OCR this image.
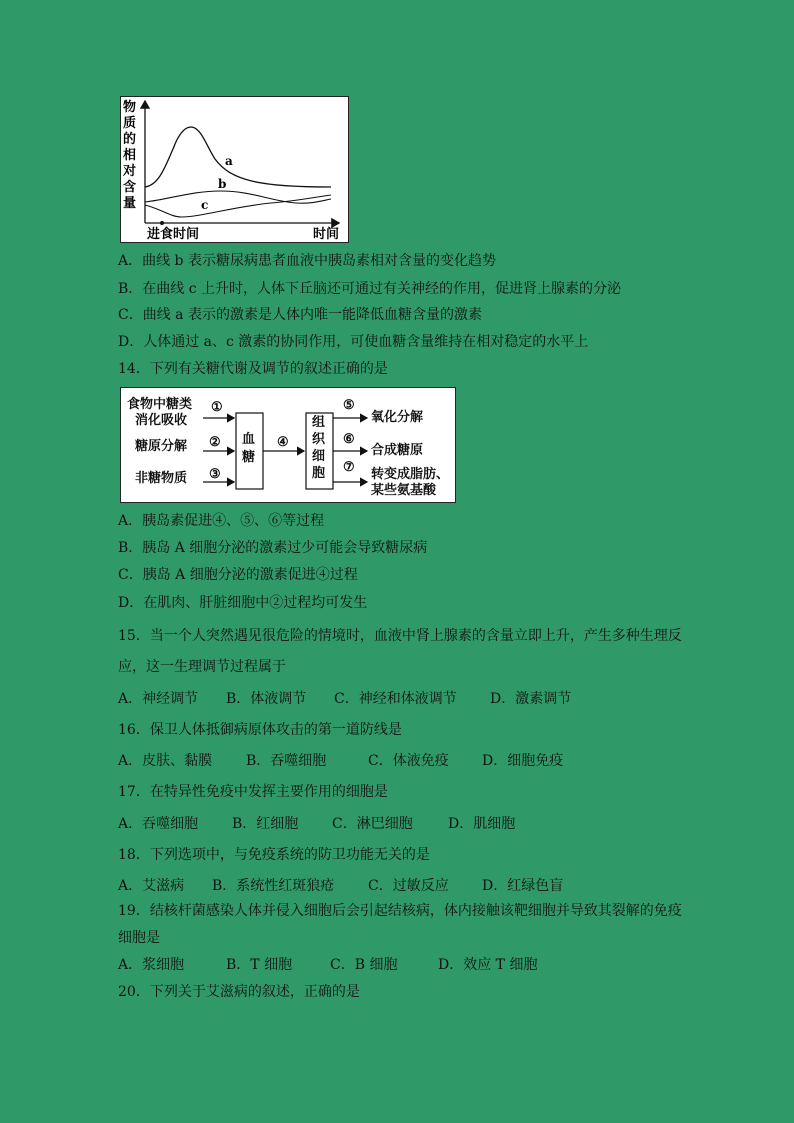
物
质
的
相
对
含
量
a
b
c
进食时间	时间
A．曲线 b 表示糖尿病患者血液中胰岛素相对含量的变化趋势
B．在曲线 c 上升时，人体下丘脑还可通过有关神经的作用，促进肾上腺素的分泌
C．曲线 a 表示的激素是人体内唯一能降低血糖含量的激素
D．人体通过 a、c 激素的协同作用，可使血糖含量维持在相对稳定的水平上
14．下列有关糖代谢及调节的叙述正确的是
食物中糖类
消化吸收
糖原分解
非糖物质
①
②
③
血
糖
④
组
织
细
胞
⑤
⑥
⑦
氧化分解
合成糖原
转变成脂肪、
某些氨基酸
A．胰岛素促进④、⑤、⑥等过程
B．胰岛 A 细胞分泌的激素过少可能会导致糖尿病
C．胰岛 A 细胞分泌的激素促进④过程
D．在肌肉、肝脏细胞中②过程均可发生
15．当一个人突然遇见很危险的情境时，血液中肾上腺素的含量立即上升，产生多种生理反
应，这一生理调节过程属于
A．神经调节 B．体液调节 C．神经和体液调节 D．激素调节
16．保卫人体抵御病原体攻击的第一道防线是
A．皮肤、黏膜 B．吞噬细胞	C．体液免疫 D．细胞免疫
17．在特异性免疫中发挥主要作用的细胞是
A．吞噬细胞 B．红细胞 C．淋巴细胞	D．肌细胞
18．下列选项中，与免疫系统的防卫功能无关的是
A．艾滋病 B．系统性红斑狼疮 C．过敏反应 D．红绿色盲
19．结核杆菌感染人体并侵入细胞后会引起结核病，体内接触该靶细胞并导致其裂解的免疫
细胞是
A．浆细胞	B．T 细胞	C．B 细胞	D．效应 T 细胞
20．下列关于艾滋病的叙述，正确的是
